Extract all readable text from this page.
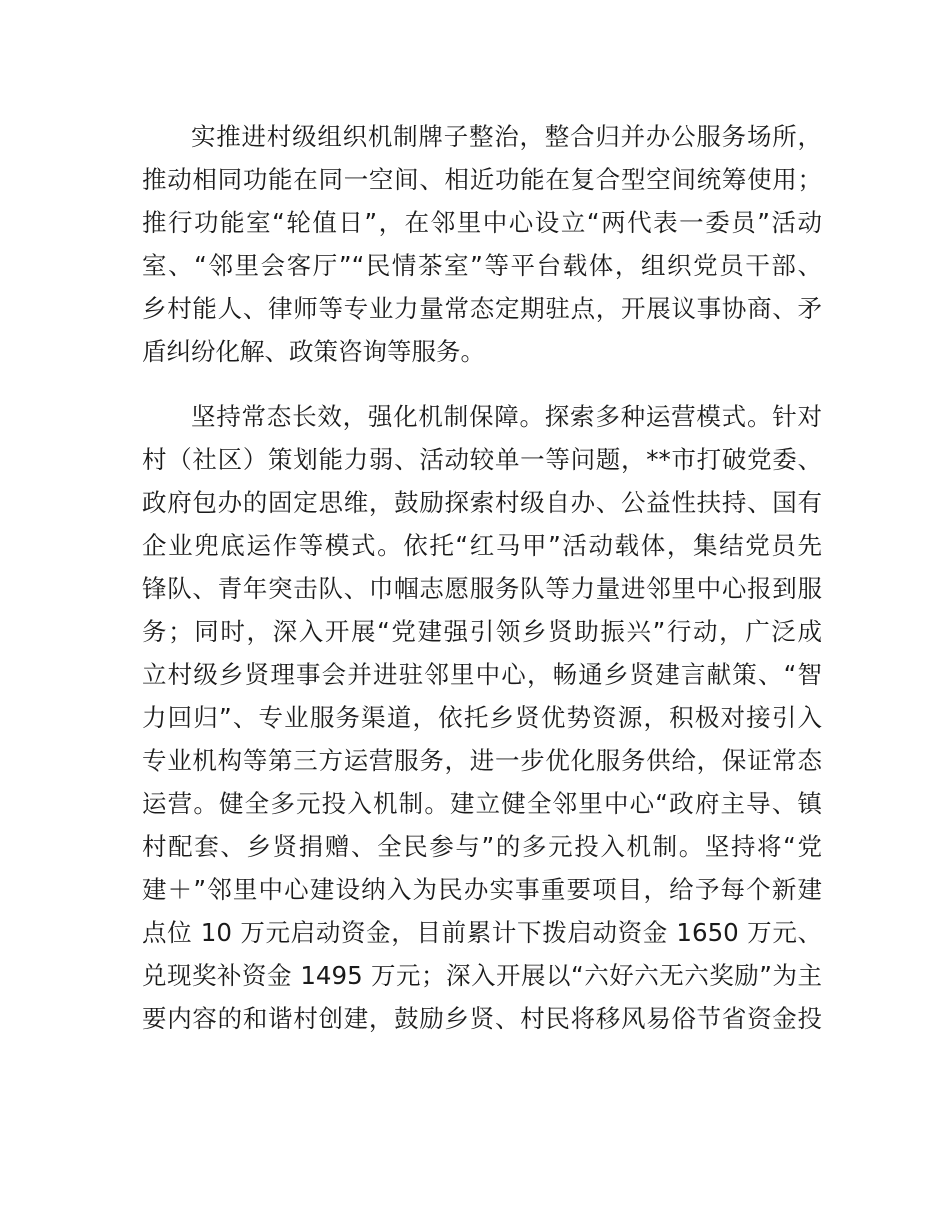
实推进村级组织机制牌子整治，整合归并办公服务场所，
推动相同功能在同一空间、相近功能在复合型空间统筹使用；
推行功能室“轮值日”，在邻里中心设立“两代表一委员”活动
室、“邻里会客厅”“民情茶室”等平台载体，组织党员干部、
乡村能人、律师等专业力量常态定期驻点，开展议事协商、矛
盾纠纷化解、政策咨询等服务。
坚持常态长效，强化机制保障。探索多种运营模式。针对
村（社区）策划能力弱、活动较单一等问题，**市打破党委、
政府包办的固定思维，鼓励探索村级自办、公益性扶持、国有
企业兜底运作等模式。依托“红马甲”活动载体，集结党员先
锋队、青年突击队、巾帼志愿服务队等力量进邻里中心报到服
务；同时，深入开展“党建强引领乡贤助振兴”行动，广泛成
立村级乡贤理事会并进驻邻里中心，畅通乡贤建言献策、“智
力回归”、专业服务渠道，依托乡贤优势资源，积极对接引入
专业机构等第三方运营服务，进一步优化服务供给，保证常态
运营。健全多元投入机制。建立健全邻里中心“政府主导、镇
村配套、乡贤捐赠、全民参与”的多元投入机制。坚持将“党
建＋”邻里中心建设纳入为民办实事重要项目，给予每个新建
点位 10 万元启动资金，目前累计下拨启动资金 1650 万元、
兑现奖补资金 1495 万元；深入开展以“六好六无六奖励”为主
要内容的和谐村创建，鼓励乡贤、村民将移风易俗节省资金投
